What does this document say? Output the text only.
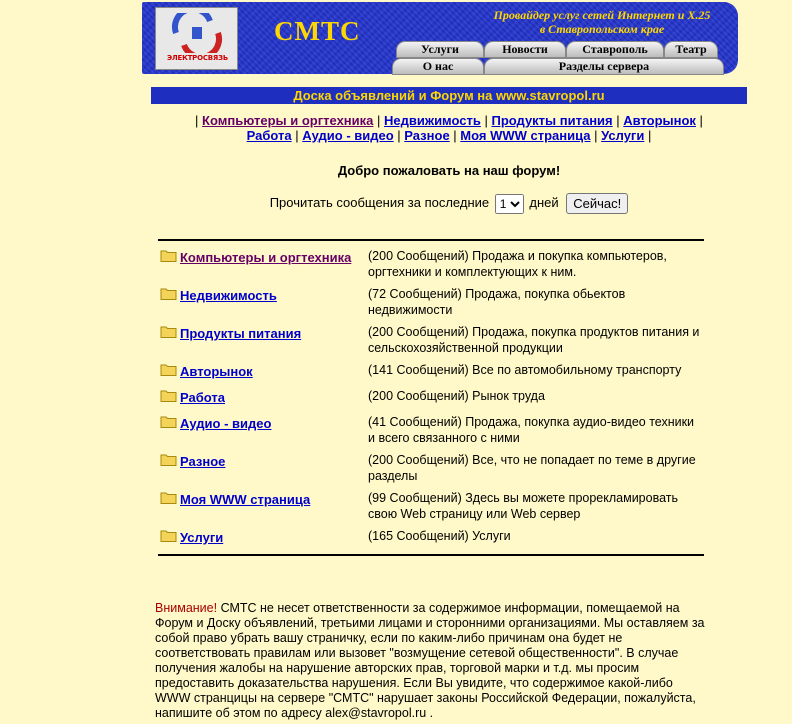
ЭЛЕКТРОСВЯЗЬ
CMTC
Провайдер услуг сетей Интернет и X.25
в Ставропольском крае
Услуги	Новости	Ставрополь	Театр
О нас	Разделы сервера
Доска объявлений и Форум на www.stavropol.ru
| Компьютеры и оргтехника | Недвижимость | Продукты питания | Авторынок |
Работа | Аудио - видео | Разное | Моя WWW страница | Услуги |
Добро пожаловать на наш форум!
Прочитать сообщения за последние
1	дней Сейчас!
Компьютеры и оргтехника (200 Сообщений) Продажа и покупка компьютеров, оргтехники и комплектующих к ним.
Недвижимость	(72 Сообщений) Продажа, покупка обьектов недвижимости
Продукты питания	(200 Сообщений) Продажа, покупка продуктов питания и сельскохозяйственной продукции
Авторынок	(141 Сообщений) Все по автомобильному транспорту
Работа	(200 Сообщений) Рынок труда
Аудио - видео	(41 Сообщений) Продажа, покупка аудио-видео техники и всего связанного с ними
Разное	(200 Сообщений) Все, что не попадает по теме в другие разделы
Моя WWW страница	(99 Сообщений) Здесь вы можете прорекламировать свою Web страницу или Web сервер
Услуги	(165 Сообщений) Услуги
Внимание! СМТС не несет ответственности за содержимое информации, помещаемой на Форум и Доску объявлений, третьими лицами и сторонними организациями. Мы оставляем за собой право убрать вашу страничку, если по каким-либо причинам она будет не соответствовать правилам или вызовет "возмущение сетевой общественности". В случае получения жалобы на нарушение авторских прав, торговой марки и т.д. мы просим предоставить доказательства нарушения. Если Вы увидите, что содержимое какой-либо WWW странцицы на сервере "СМТС" нарушает законы Российской Федерации, пожалуйста, напишите об этом по адресу alex@stavropol.ru .
